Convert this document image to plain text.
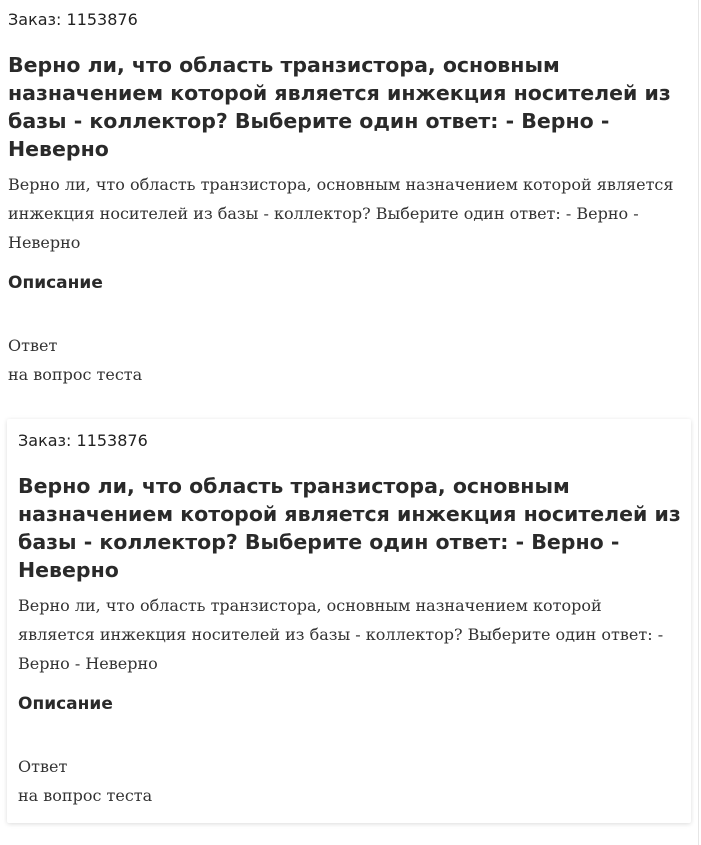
Заказ: 1153876

Верно ли, что область транзистора, основным назначением которой является инжекция носителей из базы - коллектор? Выберите один ответ: - Верно - Неверно

Верно ли, что область транзистора, основным назначением которой является инжекция носителей из базы - коллектор? Выберите один ответ: - Верно - Неверно

Описание

Ответ

на вопрос теста

Заказ: 1153876

Верно ли, что область транзистора, основным назначением которой является инжекция носителей из базы - коллектор? Выберите один ответ: - Верно - Неверно

Верно ли, что область транзистора, основным назначением которой является инжекция носителей из базы - коллектор? Выберите один ответ: - Верно - Неверно

Описание

Ответ

на вопрос теста
